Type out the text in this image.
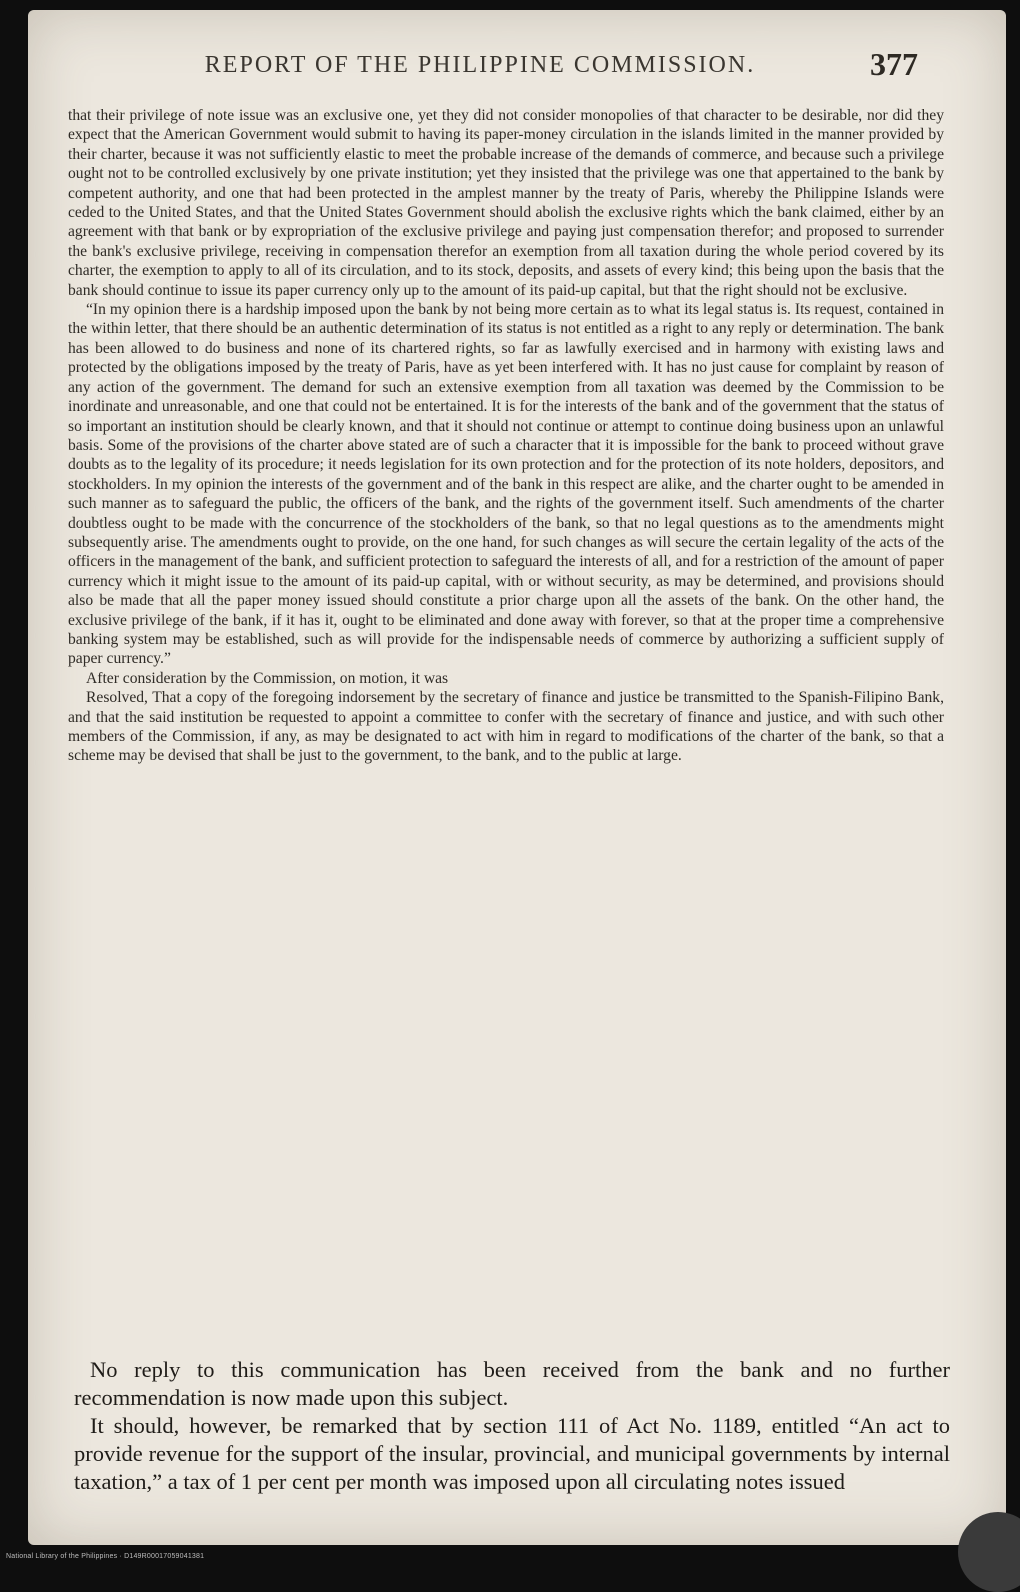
REPORT OF THE PHILIPPINE COMMISSION.	377

that their privilege of note issue was an exclusive one, yet they did not consider monopolies of that character to be desirable, nor did they expect that the American Government would submit to having its paper-money circulation in the islands limited in the manner provided by their charter, because it was not sufficiently elastic to meet the probable increase of the demands of commerce, and because such a privilege ought not to be controlled exclusively by one private institution; yet they insisted that the privilege was one that appertained to the bank by competent authority, and one that had been protected in the amplest manner by the treaty of Paris, whereby the Philippine Islands were ceded to the United States, and that the United States Government should abolish the exclusive rights which the bank claimed, either by an agreement with that bank or by expropriation of the exclusive privilege and paying just compensation therefor; and proposed to surrender the bank's exclusive privilege, receiving in compensation therefor an exemption from all taxation during the whole period covered by its charter, the exemption to apply to all of its circulation, and to its stock, deposits, and assets of every kind; this being upon the basis that the bank should continue to issue its paper currency only up to the amount of its paid-up capital, but that the right should not be exclusive.

“In my opinion there is a hardship imposed upon the bank by not being more certain as to what its legal status is. Its request, contained in the within letter, that there should be an authentic determination of its status is not entitled as a right to any reply or determination. The bank has been allowed to do business and none of its chartered rights, so far as lawfully exercised and in harmony with existing laws and protected by the obligations imposed by the treaty of Paris, have as yet been interfered with. It has no just cause for complaint by reason of any action of the government. The demand for such an extensive exemption from all taxation was deemed by the Commission to be inordinate and unreasonable, and one that could not be entertained. It is for the interests of the bank and of the government that the status of so important an institution should be clearly known, and that it should not continue or attempt to continue doing business upon an unlawful basis. Some of the provisions of the charter above stated are of such a character that it is impossible for the bank to proceed without grave doubts as to the legality of its procedure; it needs legislation for its own protection and for the protection of its note holders, depositors, and stockholders. In my opinion the interests of the government and of the bank in this respect are alike, and the charter ought to be amended in such manner as to safeguard the public, the officers of the bank, and the rights of the government itself. Such amendments of the charter doubtless ought to be made with the concurrence of the stockholders of the bank, so that no legal questions as to the amendments might subsequently arise. The amendments ought to provide, on the one hand, for such changes as will secure the certain legality of the acts of the officers in the management of the bank, and sufficient protection to safeguard the interests of all, and for a restriction of the amount of paper currency which it might issue to the amount of its paid-up capital, with or without security, as may be determined, and provisions should also be made that all the paper money issued should constitute a prior charge upon all the assets of the bank. On the other hand, the exclusive privilege of the bank, if it has it, ought to be eliminated and done away with forever, so that at the proper time a comprehensive banking system may be established, such as will provide for the indispensable needs of commerce by authorizing a sufficient supply of paper currency.”

After consideration by the Commission, on motion, it was

Resolved, That a copy of the foregoing indorsement by the secretary of finance and justice be transmitted to the Spanish-Filipino Bank, and that the said institution be requested to appoint a committee to confer with the secretary of finance and justice, and with such other members of the Commission, if any, as may be designated to act with him in regard to modifications of the charter of the bank, so that a scheme may be devised that shall be just to the government, to the bank, and to the public at large.

No reply to this communication has been received from the bank and no further recommendation is now made upon this subject.

It should, however, be remarked that by section 111 of Act No. 1189, entitled “An act to provide revenue for the support of the insular, provincial, and municipal governments by internal taxation,” a tax of 1 per cent per month was imposed upon all circulating notes issued

National Library of the Philippines · D149R00017059041381
